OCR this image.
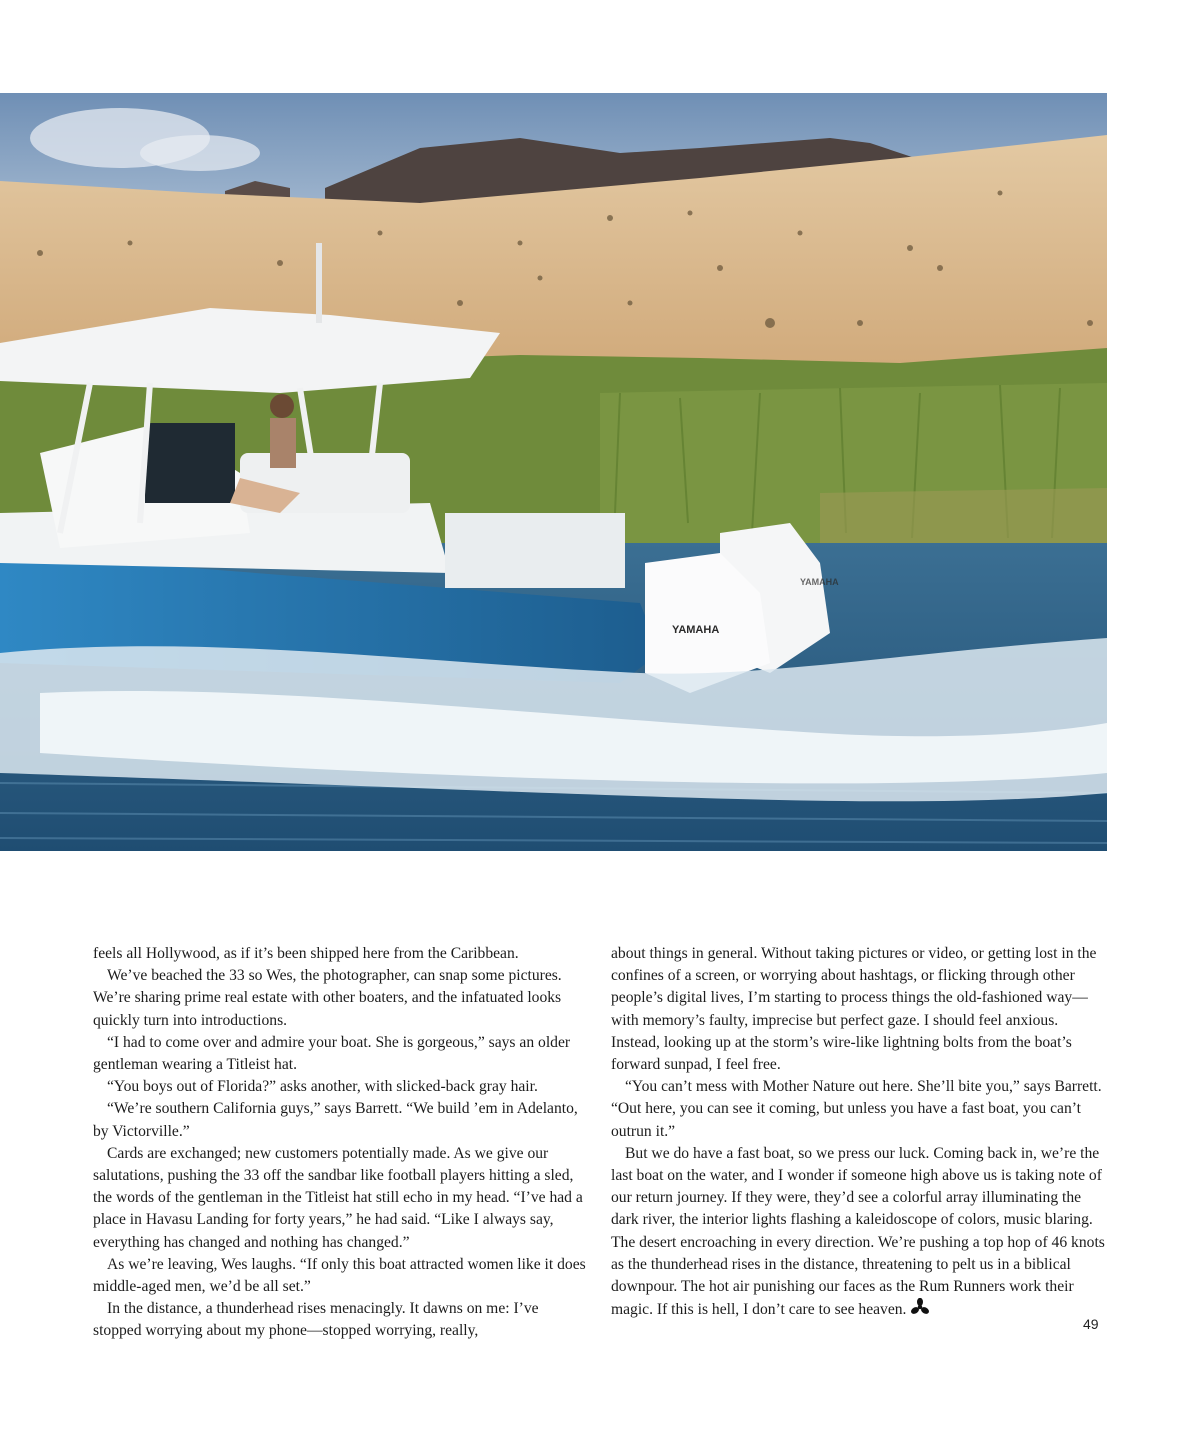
YAMAHA
YAMAHA

feels all Hollywood, as if it’s been shipped here from the Caribbean.

We’ve beached the 33 so Wes, the photographer, can snap some pictures. We’re sharing prime real estate with other boaters, and the infatuated looks quickly turn into introductions.

“I had to come over and admire your boat. She is gorgeous,” says an older gentleman wearing a Titleist hat.

“You boys out of Florida?” asks another, with slicked-back gray hair.

“We’re southern California guys,” says Barrett. “We build ’em in Adelanto, by Victorville.”

Cards are exchanged; new customers potentially made. As we give our salutations, pushing the 33 off the sandbar like football players hitting a sled, the words of the gentleman in the Titleist hat still echo in my head. “I’ve had a place in Havasu Landing for forty years,” he had said. “Like I always say, everything has changed and nothing has changed.”

As we’re leaving, Wes laughs. “If only this boat attracted women like it does middle-aged men, we’d be all set.”

In the distance, a thunderhead rises menacingly. It dawns on me: I’ve stopped worrying about my phone—stopped worrying, really,

about things in general. Without taking pictures or video, or getting lost in the confines of a screen, or worrying about hashtags, or flicking through other people’s digital lives, I’m starting to process things the old-fashioned way—with memory’s faulty, imprecise but perfect gaze. I should feel anxious. Instead, looking up at the storm’s wire-like lightning bolts from the boat’s forward sunpad, I feel free.

“You can’t mess with Mother Nature out here. She’ll bite you,” says Barrett. “Out here, you can see it coming, but unless you have a fast boat, you can’t outrun it.”

But we do have a fast boat, so we press our luck. Coming back in, we’re the last boat on the water, and I wonder if someone high above us is taking note of our return journey. If they were, they’d see a colorful array illuminating the dark river, the interior lights flashing a kaleidoscope of colors, music blaring. The desert encroaching in every direction. We’re pushing a top hop of 46 knots as the thunderhead rises in the distance, threatening to pelt us in a biblical downpour. The hot air punishing our faces as the Rum Runners work their magic. If this is hell, I don’t care to see heaven.

49
